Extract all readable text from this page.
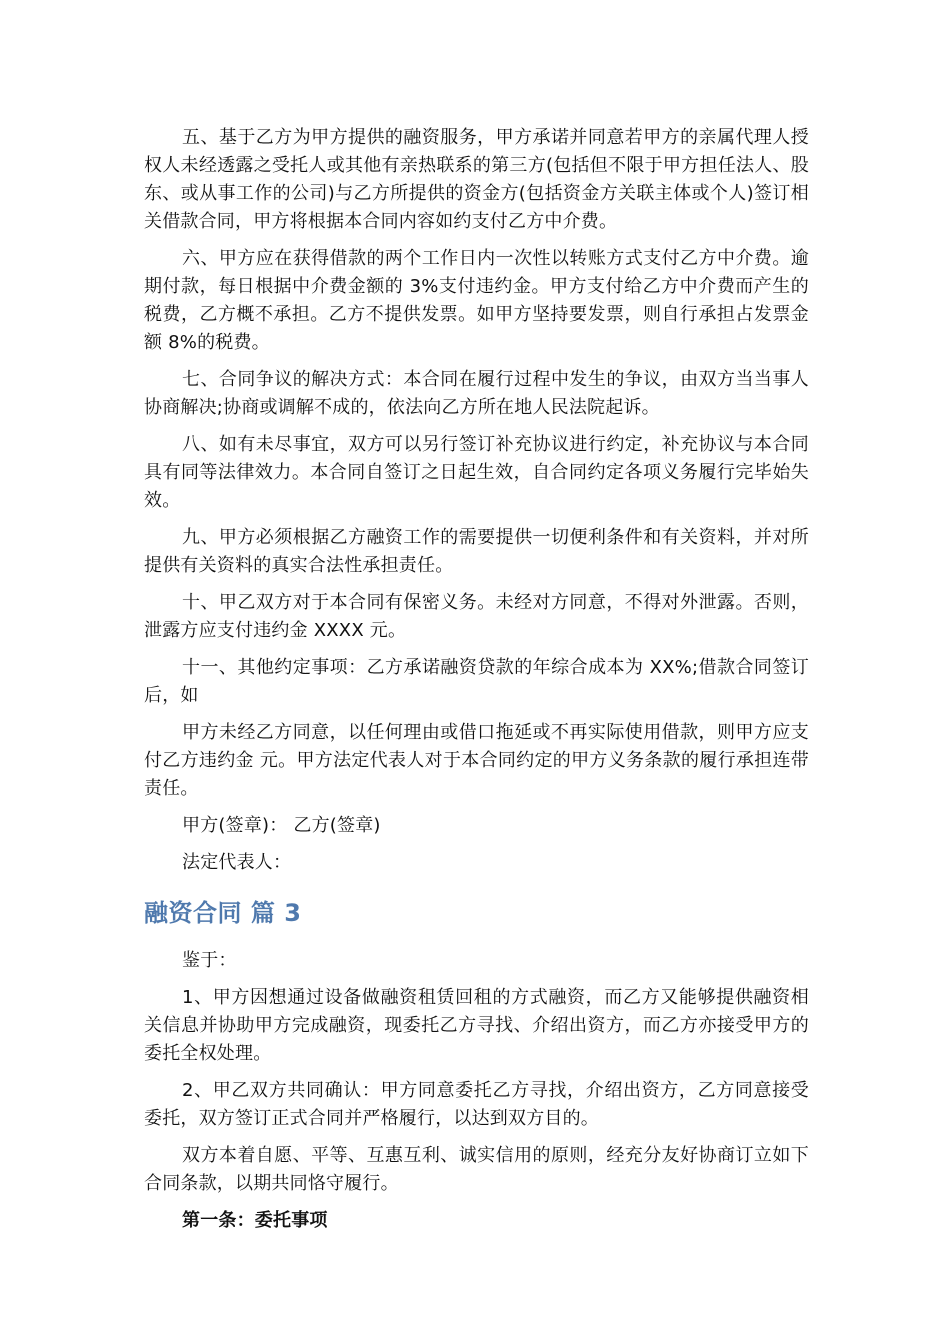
五、基于乙方为甲方提供的融资服务，甲方承诺并同意若甲方的亲属代理人授权人未经透露之受托人或其他有亲热联系的第三方(包括但不限于甲方担任法人、股东、或从事工作的公司)与乙方所提供的资金方(包括资金方关联主体或个人)签订相关借款合同，甲方将根据本合同内容如约支付乙方中介费。

六、甲方应在获得借款的两个工作日内一次性以转账方式支付乙方中介费。逾期付款，每日根据中介费金额的 3%支付违约金。甲方支付给乙方中介费而产生的税费，乙方概不承担。乙方不提供发票。如甲方坚持要发票，则自行承担占发票金额 8%的税费。

七、合同争议的解决方式：本合同在履行过程中发生的争议，由双方当当事人协商解决;协商或调解不成的，依法向乙方所在地人民法院起诉。

八、如有未尽事宜，双方可以另行签订补充协议进行约定，补充协议与本合同具有同等法律效力。本合同自签订之日起生效，自合同约定各项义务履行完毕始失效。

九、甲方必须根据乙方融资工作的需要提供一切便利条件和有关资料，并对所提供有关资料的真实合法性承担责任。

十、甲乙双方对于本合同有保密义务。未经对方同意，不得对外泄露。否则，泄露方应支付违约金 XXXX 元。

十一、其他约定事项：乙方承诺融资贷款的年综合成本为 XX%;借款合同签订后，如

甲方未经乙方同意，以任何理由或借口拖延或不再实际使用借款，则甲方应支付乙方违约金 元。甲方法定代表人对于本合同约定的甲方义务条款的履行承担连带责任。

甲方(签章)： 乙方(签章)

法定代表人：

融资合同 篇 3

鉴于：

1、甲方因想通过设备做融资租赁回租的方式融资，而乙方又能够提供融资相关信息并协助甲方完成融资，现委托乙方寻找、介绍出资方，而乙方亦接受甲方的委托全权处理。

2、甲乙双方共同确认：甲方同意委托乙方寻找，介绍出资方，乙方同意接受委托，双方签订正式合同并严格履行，以达到双方目的。

双方本着自愿、平等、互惠互利、诚实信用的原则，经充分友好协商订立如下合同条款，以期共同恪守履行。

第一条：委托事项
